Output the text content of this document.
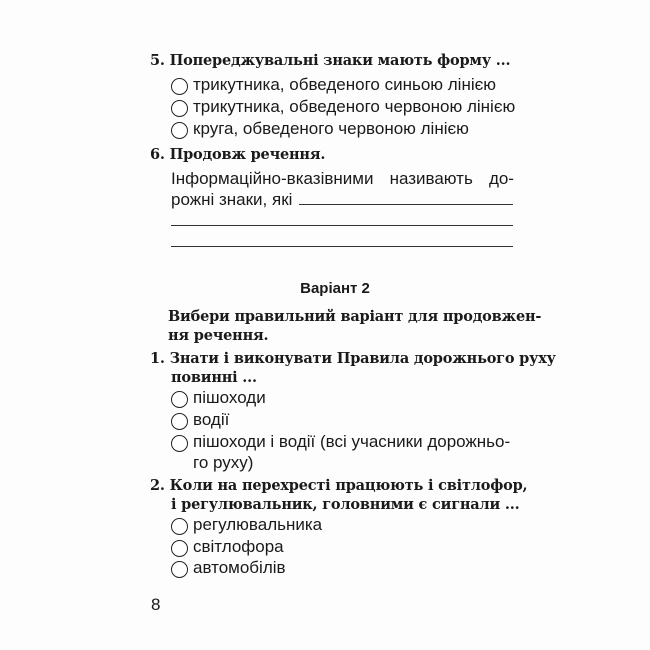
5. Попереджувальні знаки мають форму ...
трикутника, обведеного синьою лінією
трикутника, обведеного червоною лінією
круга, обведеного червоною лінією
6. Продовж речення.
Інформаційно-вказівними називають до-
рожні знаки, які
Варіант 2
Вибери правильний варіант для продовжен-
ня речення.
1. Знати і виконувати Правила дорожнього руху
повинні ...
пішоходи
водії
пішоходи і водії (всі учасники дорожньо-
го руху)
2. Коли на перехресті працюють і світлофор,
і регулювальник, головними є сигнали ...
регулювальника
світлофора
автомобілів
8
